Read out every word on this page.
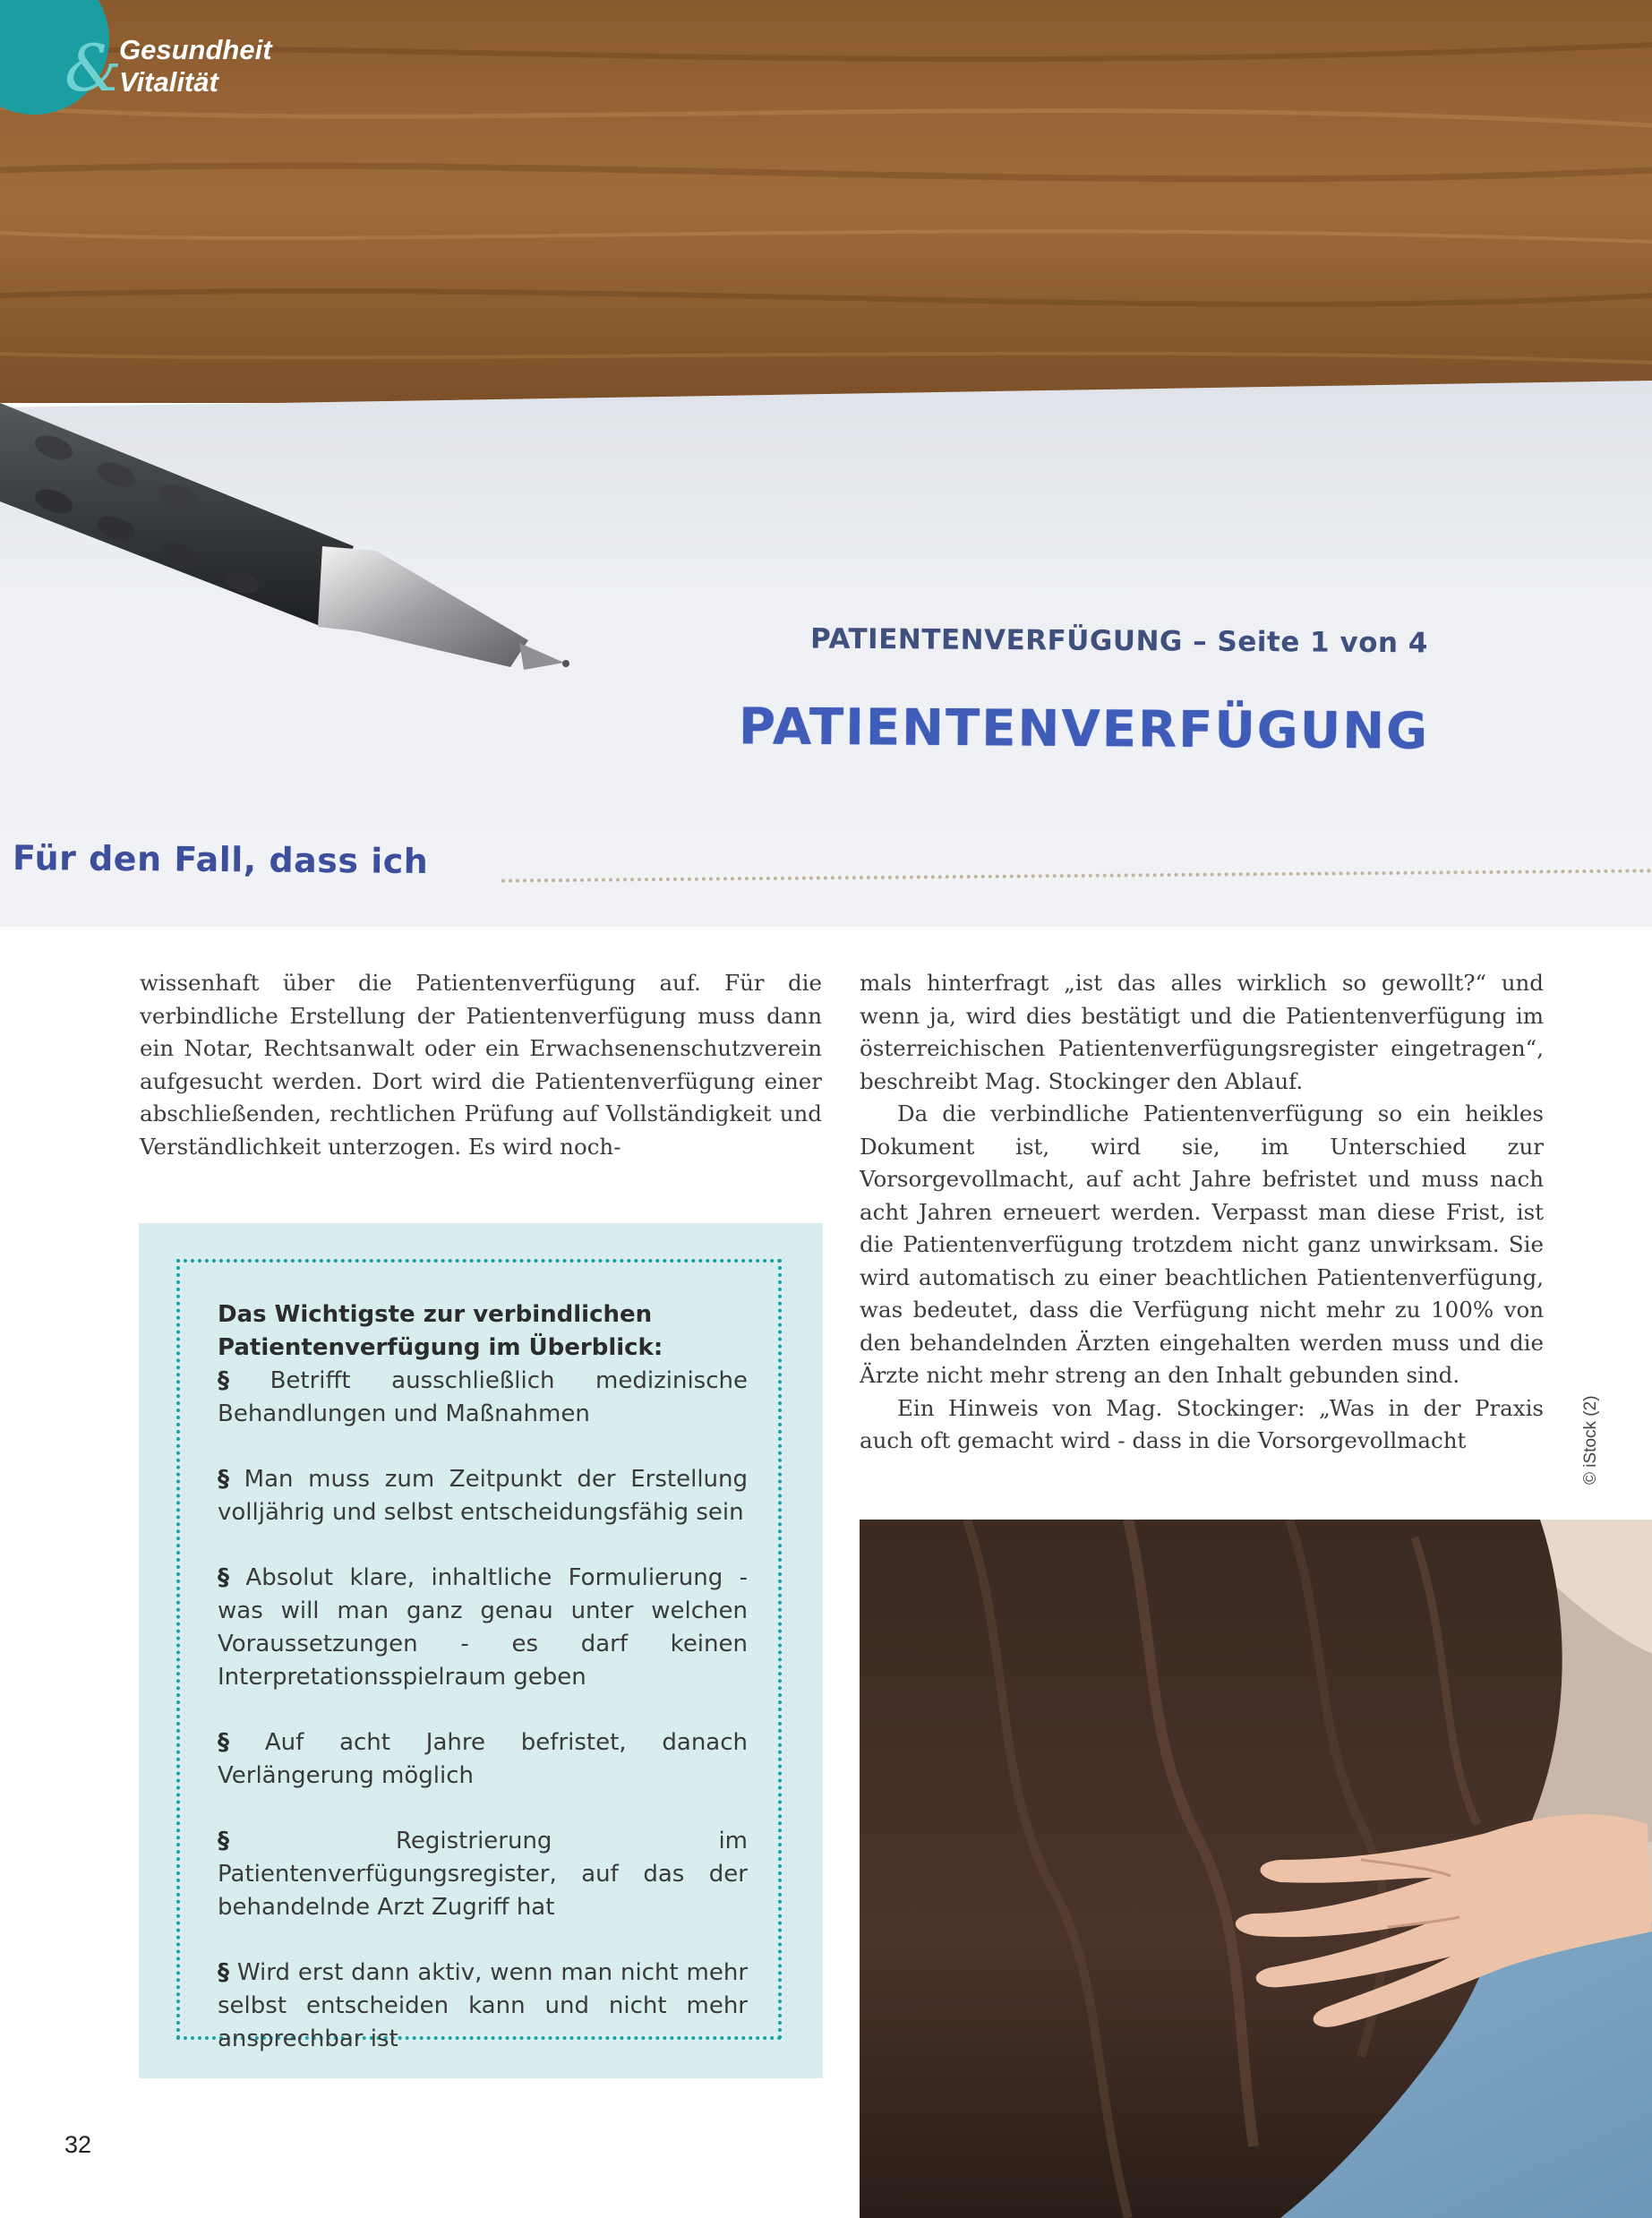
PATIENTENVERFÜGUNG – Seite 1 von 4
PATIENTENVERFÜGUNG
Für den Fall, dass ich
&
Gesundheit
Vitalität

wissenhaft über die Patientenverfügung auf. Für die verbindliche Erstellung der Patientenverfügung muss dann ein Notar, Rechtsanwalt oder ein Erwachsenenschutzverein aufgesucht werden. Dort wird die Patientenverfügung einer abschließenden, rechtlichen Prüfung auf Vollständigkeit und Verständlichkeit unterzogen. Es wird noch-

Das Wichtigste zur verbindlichen Patientenverfügung im Überblick:

§ Betrifft ausschließlich medizinische Behandlungen und Maßnahmen

§ Man muss zum Zeitpunkt der Erstellung volljährig und selbst entscheidungsfähig sein

§ Absolut klare, inhaltliche Formulierung - was will man ganz genau unter welchen Voraussetzungen - es darf keinen Interpretationsspielraum geben

§ Auf acht Jahre befristet, danach Verlängerung möglich

§	Registrierung im Patientenverfügungsregister, auf das der behandelnde Arzt Zugriff hat

§ Wird erst dann aktiv, wenn man nicht mehr selbst entscheiden kann und nicht mehr ansprechbar ist

mals hinterfragt „ist das alles wirklich so gewollt?“ und wenn ja, wird dies bestätigt und die Patientenverfügung im österreichischen Patientenverfügungsregister eingetragen“, beschreibt Mag. Stockinger den Ablauf.

Da die verbindliche Patientenverfügung so ein heikles Dokument ist, wird sie, im Unterschied zur Vorsorgevollmacht, auf acht Jahre befristet und muss nach acht Jahren erneuert werden. Verpasst man diese Frist, ist die Patientenverfügung trotzdem nicht ganz unwirksam. Sie wird automatisch zu einer beachtlichen Patientenverfügung, was bedeutet, dass die Verfügung nicht mehr zu 100% von den behandelnden Ärzten eingehalten werden muss und die Ärzte nicht mehr streng an den Inhalt gebunden sind.

Ein Hinweis von Mag. Stockinger: „Was in der Praxis auch oft gemacht wird - dass in die Vorsorgevollmacht	© iStock (2)
32
